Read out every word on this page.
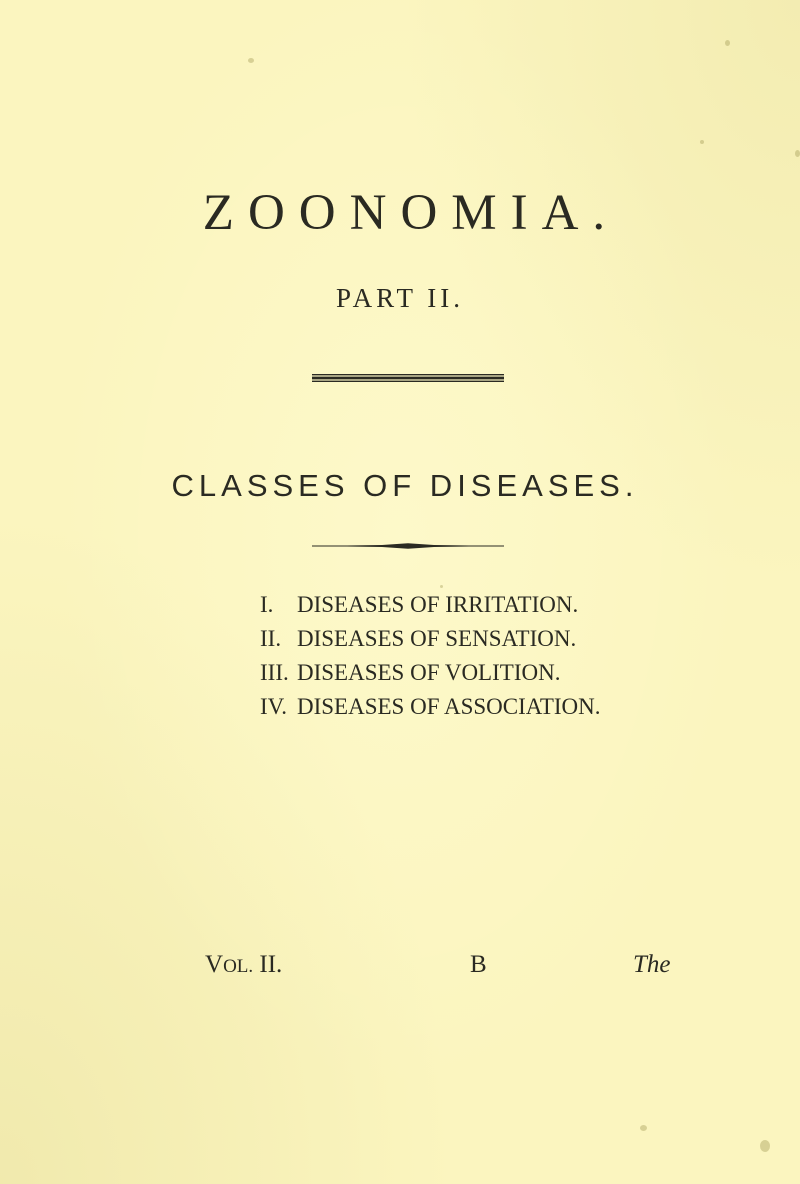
ZOONOMIA.
PART II.
CLASSES OF DISEASES.
I.	DISEASES OF IRRITATION.
II. DISEASES OF SENSATION.
III. DISEASES OF VOLITION.
IV. DISEASES OF ASSOCIATION.
VOL. II.	B	The
